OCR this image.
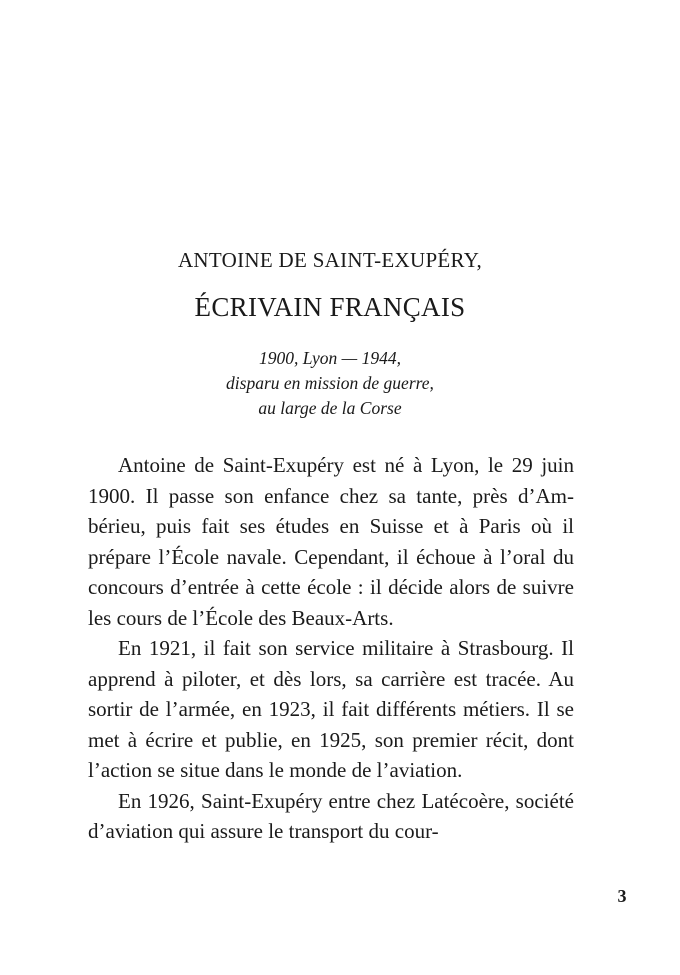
ANTOINE DE SAINT-EXUPÉRY,
ÉCRIVAIN FRANÇAIS
1900, Lyon — 1944,
disparu en mission de guerre,
au large de la Corse

Antoine de Saint-Exupéry est né à Lyon, le 29 juin 1900. Il passe son enfance chez sa tante, près d’Ambérieu, puis fait ses études en Suisse et à Paris où il prépare l’École navale. Cependant, il échoue à l’oral du concours d’entrée à cette école : il décide alors de suivre les cours de l’École des Beaux-Arts.

En 1921, il fait son service militaire à Strasbourg. Il apprend à piloter, et dès lors, sa carrière est tracée. Au sortir de l’armée, en 1923, il fait différents métiers. Il se met à écrire et publie, en 1925, son premier récit, dont l’action se situe dans le monde de l’aviation.

En 1926, Saint-Exupéry entre chez Latécoère, société d’aviation qui assure le transport du cour-

3
